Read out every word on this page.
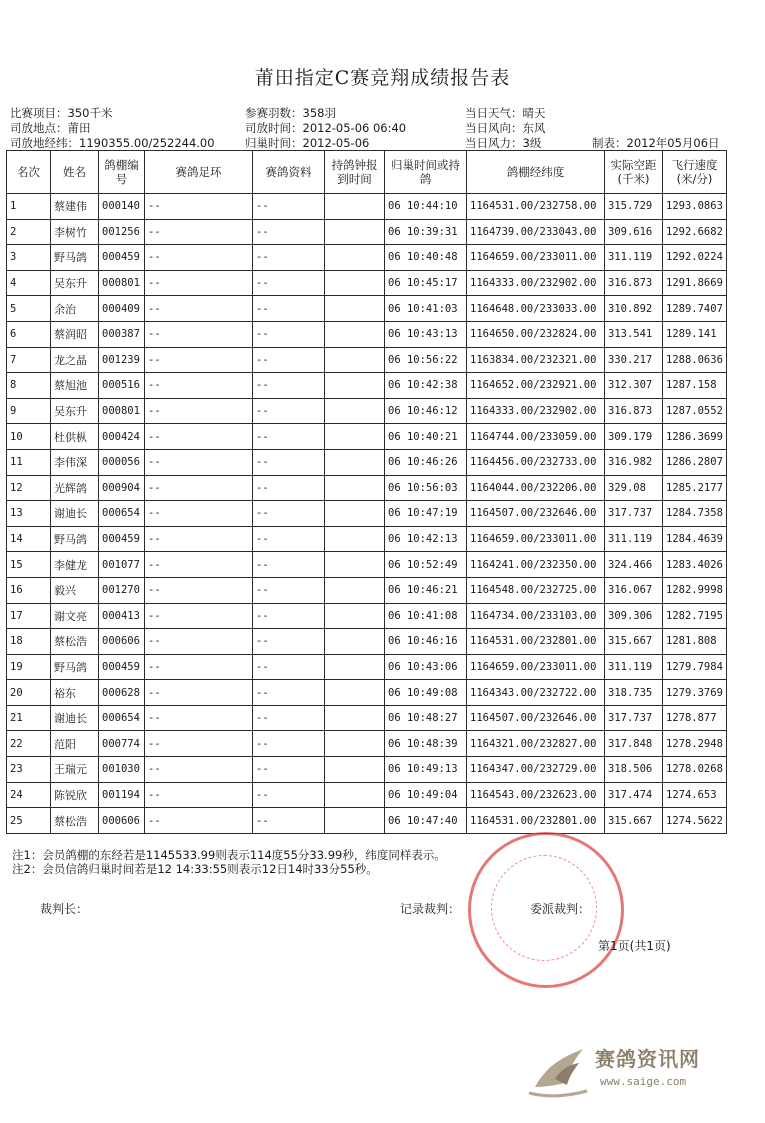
莆田指定C赛竞翔成绩报告表
比赛项目：350千米
司放地点：莆田
司放地经纬：1190355.00/252244.00
参赛羽数：358羽
司放时间：2012-05-06 06:40
归巢时间：2012-05-06
当日天气：晴天
当日风向：东风
当日风力：3级	制表：2012年05月06日
名次	姓名	鸽棚编号	赛鸽足环	赛鸽资料	持鸽钟报到时间	归巢时间或持鸽	鸽棚经纬度	实际空距(千米)	飞行速度(米/分)
1	蔡建伟	000140	--	--		06 10:44:10	1164531.00/232758.00	315.729	1293.0863
2	李树竹	001256	--	--		06 10:39:31	1164739.00/233043.00	309.616	1292.6682
3	野马鸽	000459	--	--		06 10:40:48	1164659.00/233011.00	311.119	1292.0224
4	吴东升	000801	--	--		06 10:45:17	1164333.00/232902.00	316.873	1291.8669
5	余治	000409	--	--		06 10:41:03	1164648.00/233033.00	310.892	1289.7407
6	蔡润昭	000387	--	--		06 10:43:13	1164650.00/232824.00	313.541	1289.141
7	龙之晶	001239	--	--		06 10:56:22	1163834.00/232321.00	330.217	1288.0636
8	蔡旭池	000516	--	--		06 10:42:38	1164652.00/232921.00	312.307	1287.158
9	吴东升	000801	--	--		06 10:46:12	1164333.00/232902.00	316.873	1287.0552
10	杜供枞	000424	--	--		06 10:40:21	1164744.00/233059.00	309.179	1286.3699
11	李伟深	000056	--	--		06 10:46:26	1164456.00/232733.00	316.982	1286.2807
12	光辉鸽	000904	--	--		06 10:56:03	1164044.00/232206.00	329.08	1285.2177
13	谢迪长	000654	--	--		06 10:47:19	1164507.00/232646.00	317.737	1284.7358
14	野马鸽	000459	--	--		06 10:42:13	1164659.00/233011.00	311.119	1284.4639
15	李健龙	001077	--	--		06 10:52:49	1164241.00/232350.00	324.466	1283.4026
16	毅兴	001270	--	--		06 10:46:21	1164548.00/232725.00	316.067	1282.9998
17	谢文亮	000413	--	--		06 10:41:08	1164734.00/233103.00	309.306	1282.7195
18	蔡松浩	000606	--	--		06 10:46:16	1164531.00/232801.00	315.667	1281.808
19	野马鸽	000459	--	--		06 10:43:06	1164659.00/233011.00	311.119	1279.7984
20	裕东	000628	--	--		06 10:49:08	1164343.00/232722.00	318.735	1279.3769
21	谢迪长	000654	--	--		06 10:48:27	1164507.00/232646.00	317.737	1278.877
22	范阳	000774	--	--		06 10:48:39	1164321.00/232827.00	317.848	1278.2948
23	王瑞元	001030	--	--		06 10:49:13	1164347.00/232729.00	318.506	1278.0268
24	陈锐欣	001194	--	--		06 10:49:04	1164543.00/232623.00	317.474	1274.653
25	蔡松浩	000606	--	--		06 10:47:40	1164531.00/232801.00	315.667	1274.5622
注1：会员鸽棚的东经若是1145533.99则表示114度55分33.99秒，纬度同样表示。
注2：会员信鸽归巢时间若是12 14:33:55则表示12日14时33分55秒。
裁判长：	记录裁判：	委派裁判：
第1页(共1页)
赛鸽资讯网
www.saige.com
